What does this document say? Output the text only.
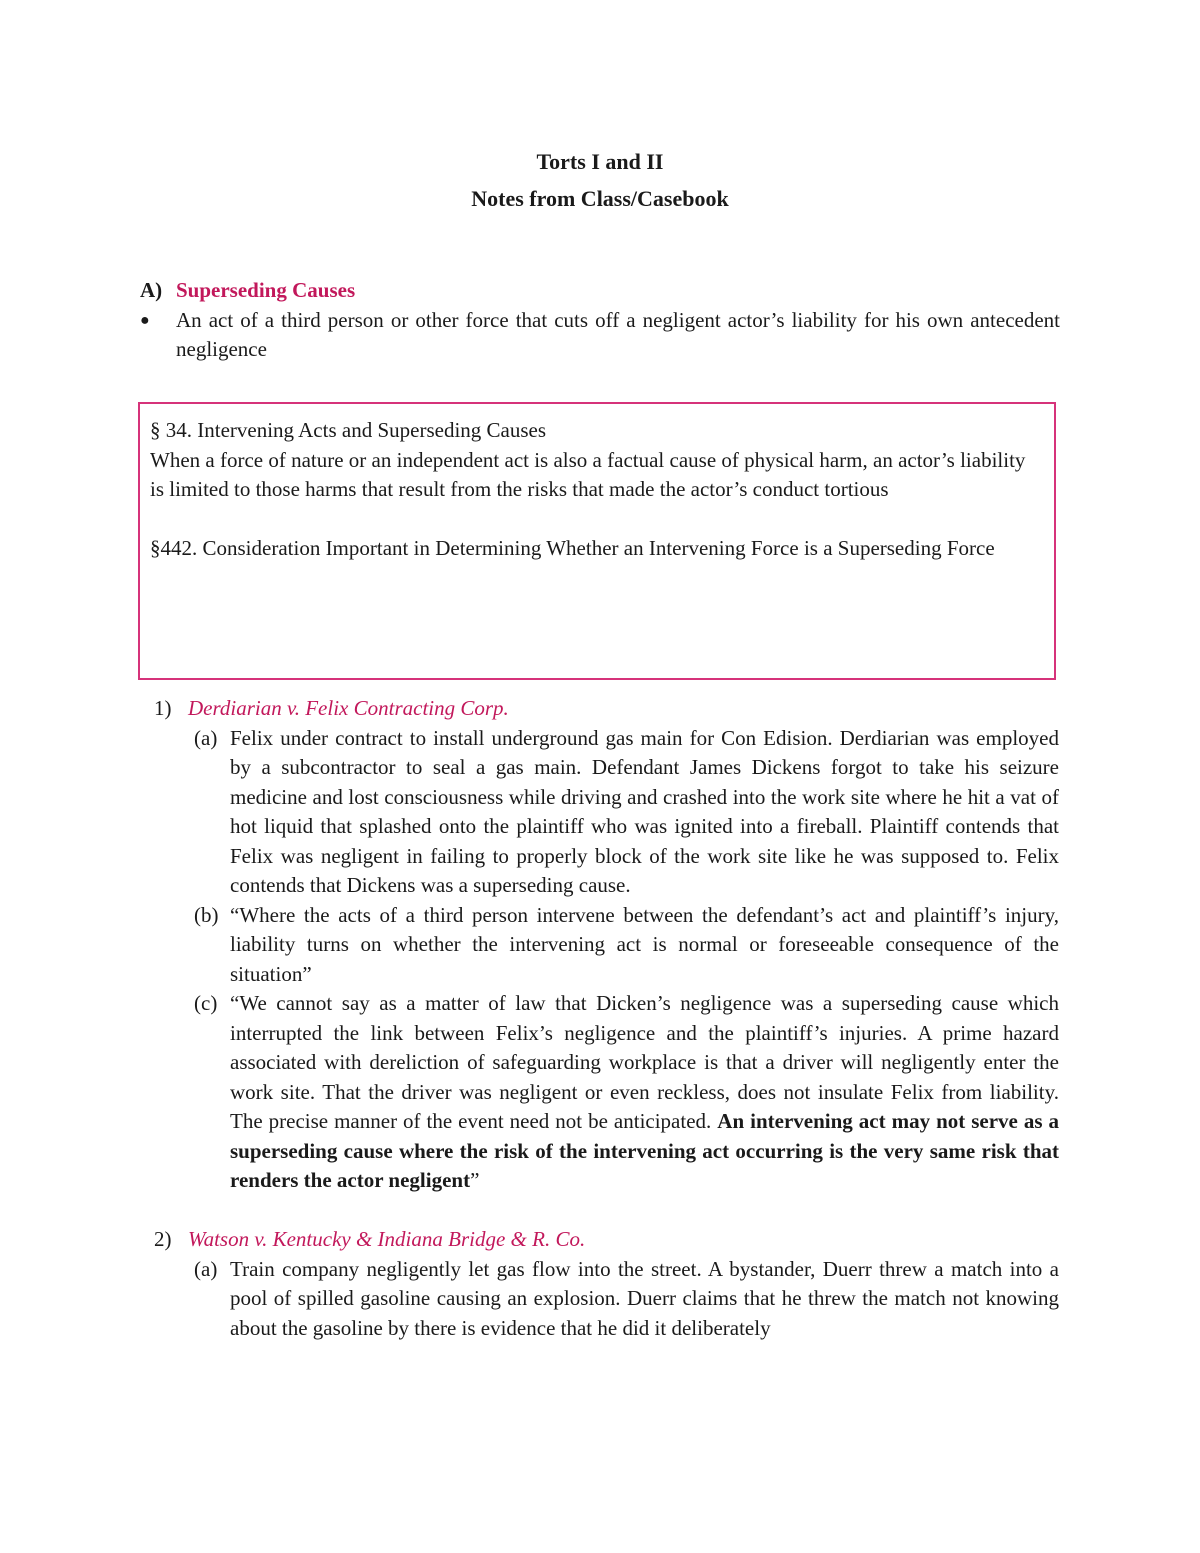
Torts I and II
Notes from Class/Casebook
A) Superseding Causes
●	An act of a third person or other force that cuts off a negligent actor’s liability for his own antecedent negligence

§ 34. Intervening Acts and Superseding Causes

When a force of nature or an independent act is also a factual cause of physical harm, an actor’s liability is limited to those harms that result from the risks that made the actor’s conduct tortious

§442. Consideration Important in Determining Whether an Intervening Force is a Superseding Force

1) Derdiarian v. Felix Contracting Corp.
(a) Felix under contract to install underground gas main for Con Edision. Derdiarian was employed by a subcontractor to seal a gas main. Defendant James Dickens forgot to take his seizure medicine and lost consciousness while driving and crashed into the work site where he hit a vat of hot liquid that splashed onto the plaintiff who was ignited into a fireball. Plaintiff contends that Felix was negligent in failing to properly block of the work site like he was supposed to. Felix contends that Dickens was a superseding cause.
(b) “Where the acts of a third person intervene between the defendant’s act and plaintiff’s injury, liability turns on whether the intervening act is normal or foreseeable consequence of the situation”
(c) “We cannot say as a matter of law that Dicken’s negligence was a superseding cause which interrupted the link between Felix’s negligence and the plaintiff’s injuries. A prime hazard associated with dereliction of safeguarding workplace is that a driver will negligently enter the work site. That the driver was negligent or even reckless, does not insulate Felix from liability. The precise manner of the event need not be anticipated. An intervening act may not serve as a superseding cause where the risk of the intervening act occurring is the very same risk that renders the actor negligent”
2) Watson v. Kentucky & Indiana Bridge & R. Co.
(a) Train company negligently let gas flow into the street. A bystander, Duerr threw a match into a pool of spilled gasoline causing an explosion. Duerr claims that he threw the match not knowing about the gasoline by there is evidence that he did it deliberately
